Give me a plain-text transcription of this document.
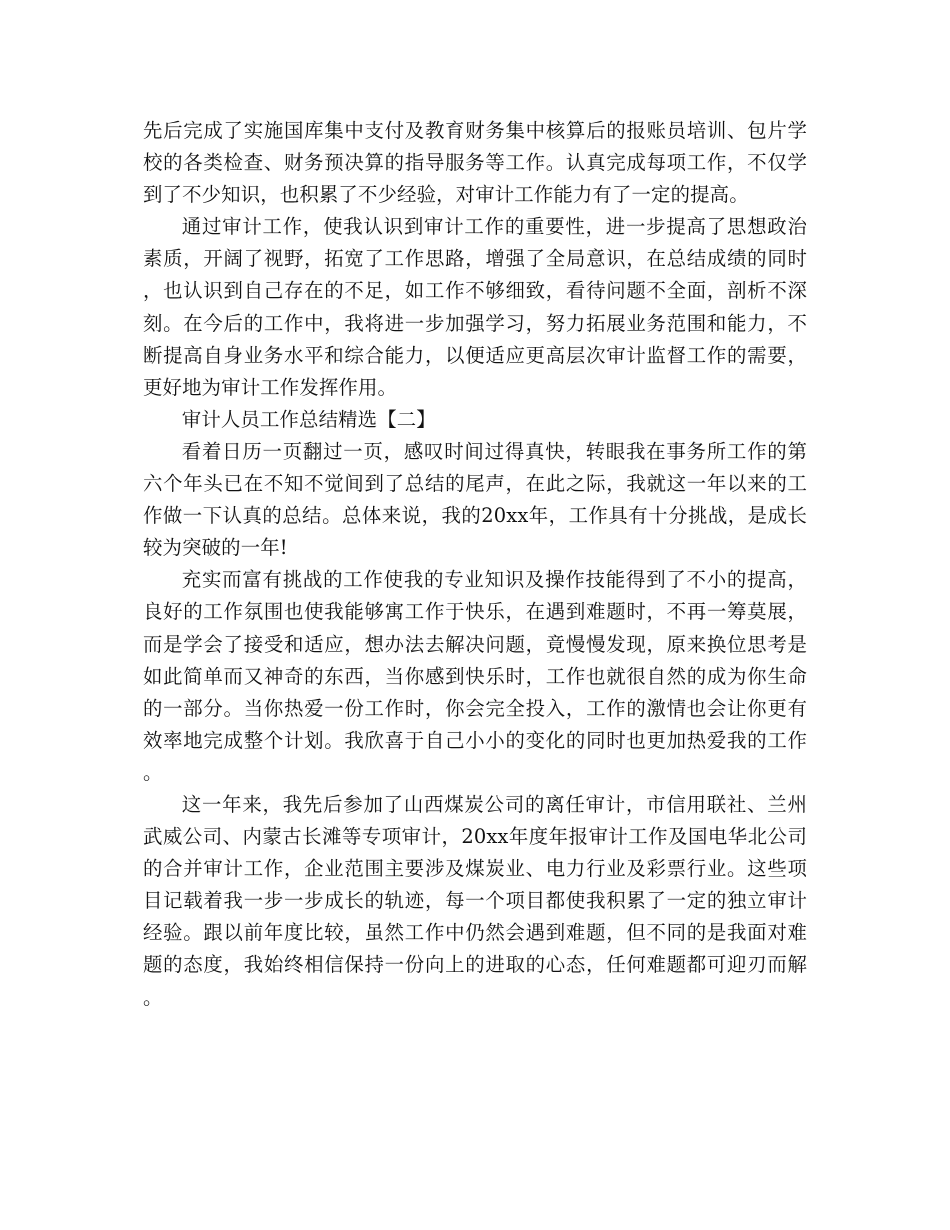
先后完成了实施国库集中支付及教育财务集中核算后的报账员培训、包片学校的各类检查、财务预决算的指导服务等工作。认真完成每项工作，不仅学到了不少知识，也积累了不少经验，对审计工作能力有了一定的提高。

通过审计工作，使我认识到审计工作的重要性，进一步提高了思想政治素质，开阔了视野，拓宽了工作思路，增强了全局意识，在总结成绩的同时，也认识到自己存在的不足，如工作不够细致，看待问题不全面，剖析不深刻。在今后的工作中，我将进一步加强学习，努力拓展业务范围和能力，不断提高自身业务水平和综合能力，以便适应更高层次审计监督工作的需要，更好地为审计工作发挥作用。

审计人员工作总结精选【二】

看着日历一页翻过一页，感叹时间过得真快，转眼我在事务所工作的第六个年头已在不知不觉间到了总结的尾声，在此之际，我就这一年以来的工作做一下认真的总结。总体来说，我的20xx年，工作具有十分挑战，是成长较为突破的一年!

充实而富有挑战的工作使我的专业知识及操作技能得到了不小的提高，良好的工作氛围也使我能够寓工作于快乐，在遇到难题时，不再一筹莫展，而是学会了接受和适应，想办法去解决问题，竟慢慢发现，原来换位思考是如此简单而又神奇的东西，当你感到快乐时，工作也就很自然的成为你生命的一部分。当你热爱一份工作时，你会完全投入，工作的激情也会让你更有效率地完成整个计划。我欣喜于自己小小的变化的同时也更加热爱我的工作。

这一年来，我先后参加了山西煤炭公司的离任审计，市信用联社、兰州武威公司、内蒙古长滩等专项审计，20xx年度年报审计工作及国电华北公司的合并审计工作，企业范围主要涉及煤炭业、电力行业及彩票行业。这些项目记载着我一步一步成长的轨迹，每一个项目都使我积累了一定的独立审计经验。跟以前年度比较，虽然工作中仍然会遇到难题，但不同的是我面对难题的态度，我始终相信保持一份向上的进取的心态，任何难题都可迎刃而解。
